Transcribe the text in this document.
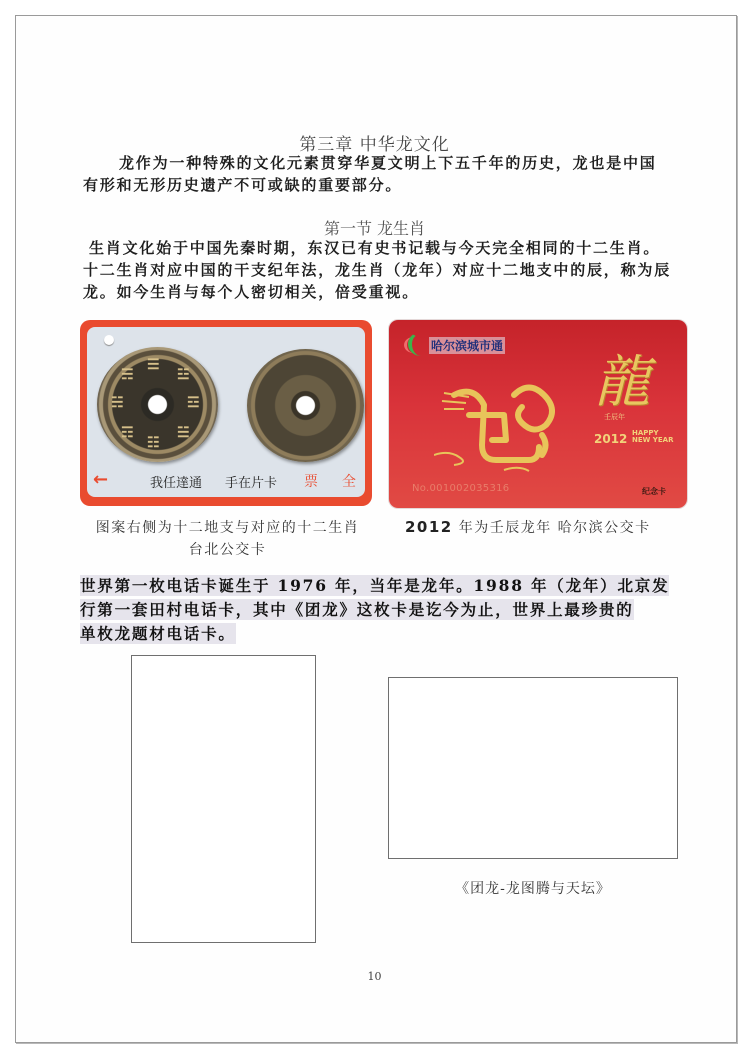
第三章 中华龙文化
龙作为一种特殊的文化元素贯穿华夏文明上下五千年的历史，龙也是中国有形和无形历史遗产不可或缺的重要部分。
第一节 龙生肖
生肖文化始于中国先秦时期，东汉已有史书记载与今天完全相同的十二生肖。十二生肖对应中国的干支纪年法，龙生肖（龙年）对应十二地支中的辰，称为辰龙。如今生肖与每个人密切相关，倍受重视。
☰
☷
☵	☲
☴	☳
☶	☱
←	我任達通 手在片卡 票 全
哈尔滨城市通
龍
壬辰年
2012 HAPPY
NEW YEAR
No.001002035316	纪念卡
图案右侧为十二地支与对应的十二生肖
台北公交卡
2012 年为壬辰龙年 哈尔滨公交卡
世界第一枚电话卡诞生于 1976 年，当年是龙年。1988 年（龙年）北京发
行第一套田村电话卡，其中《团龙》这枚卡是讫今为止，世界上最珍贵的
单枚龙题材电话卡。
《团龙-龙图腾与天坛》
10
